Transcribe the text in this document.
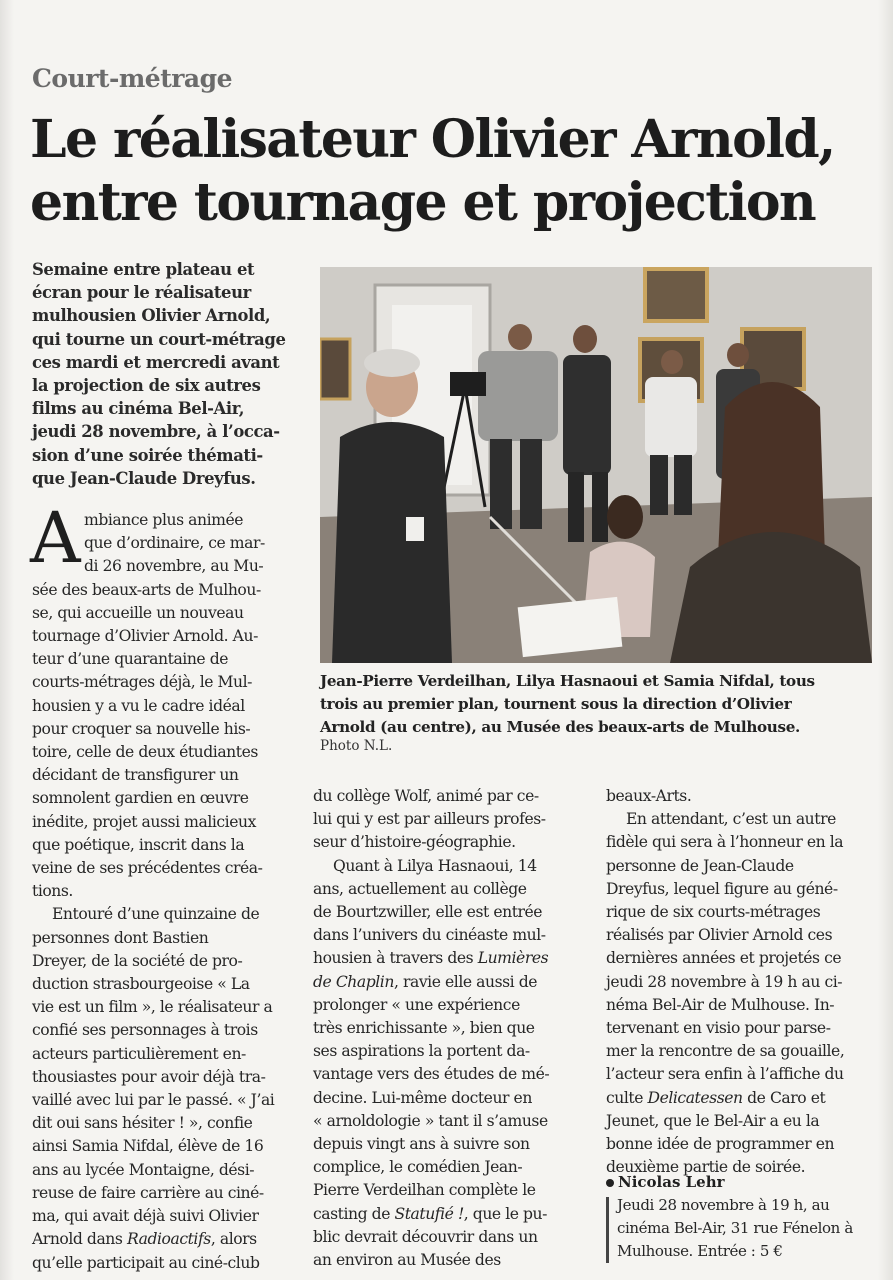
Court-métrage
Le réalisateur Olivier Arnold,
entre tournage et projection

Semaine entre plateau et
écran pour le réalisateur
mulhousien Olivier Arnold,
qui tourne un court-métrage
ces mardi et mercredi avant
la projection de six autres
films au cinéma Bel-Air,
jeudi 28 novembre, à l’occa-
sion d’une soirée thémati-
que Jean-Claude Dreyfus.

Jean-Pierre Verdeilhan, Lilya Hasnaoui et Samia Nifdal, tous
trois au premier plan, tournent sous la direction d’Olivier
Arnold (au centre), au Musée des beaux-arts de Mulhouse.

Photo N.L.
A mbiance plus animée
que d’ordinaire, ce mar-
di 26 novembre, au Mu-
sée des beaux-arts de Mulhou-
se, qui accueille un nouveau
tournage d’Olivier Arnold. Au-
teur d’une quarantaine de
courts-métrages déjà, le Mul-
housien y a vu le cadre idéal
pour croquer sa nouvelle his-
toire, celle de deux étudiantes
décidant de transfigurer un
somnolent gardien en œuvre
inédite, projet aussi malicieux
que poétique, inscrit dans la
veine de ses précédentes créa-
tions.
Entouré d’une quinzaine de
personnes dont Bastien
Dreyer, de la société de pro-
duction strasbourgeoise « La
vie est un film », le réalisateur a
confié ses personnages à trois
acteurs particulièrement en-
thousiastes pour avoir déjà tra-
vaillé avec lui par le passé. « J’ai
dit oui sans hésiter ! », confie
ainsi Samia Nifdal, élève de 16
ans au lycée Montaigne, dési-
reuse de faire carrière au ciné-
ma, qui avait déjà suivi Olivier
Arnold dans Radioactifs, alors
qu’elle participait au ciné-club
du collège Wolf, animé par ce-
lui qui y est par ailleurs profes-
seur d’histoire-géographie.
Quant à Lilya Hasnaoui, 14
ans, actuellement au collège
de Bourtzwiller, elle est entrée
dans l’univers du cinéaste mul-
housien à travers des Lumières
de Chaplin, ravie elle aussi de
prolonger « une expérience
très enrichissante », bien que
ses aspirations la portent da-
vantage vers des études de mé-
decine. Lui-même docteur en
« arnoldologie » tant il s’amuse
depuis vingt ans à suivre son
complice, le comédien Jean-
Pierre Verdeilhan complète le
casting de Statufié !, que le pu-
blic devrait découvrir dans un
an environ au Musée des
beaux-Arts.
En attendant, c’est un autre
fidèle qui sera à l’honneur en la
personne de Jean-Claude
Dreyfus, lequel figure au géné-
rique de six courts-métrages
réalisés par Olivier Arnold ces
dernières années et projetés ce
jeudi 28 novembre à 19 h au ci-
néma Bel-Air de Mulhouse. In-
tervenant en visio pour parse-
mer la rencontre de sa gouaille,
l’acteur sera enfin à l’affiche du
culte Delicatessen de Caro et
Jeunet, que le Bel-Air a eu la
bonne idée de programmer en
deuxième partie de soirée.
Nicolas Lehr
Jeudi 28 novembre à 19 h, au
cinéma Bel-Air, 31 rue Fénelon à
Mulhouse. Entrée : 5 €
